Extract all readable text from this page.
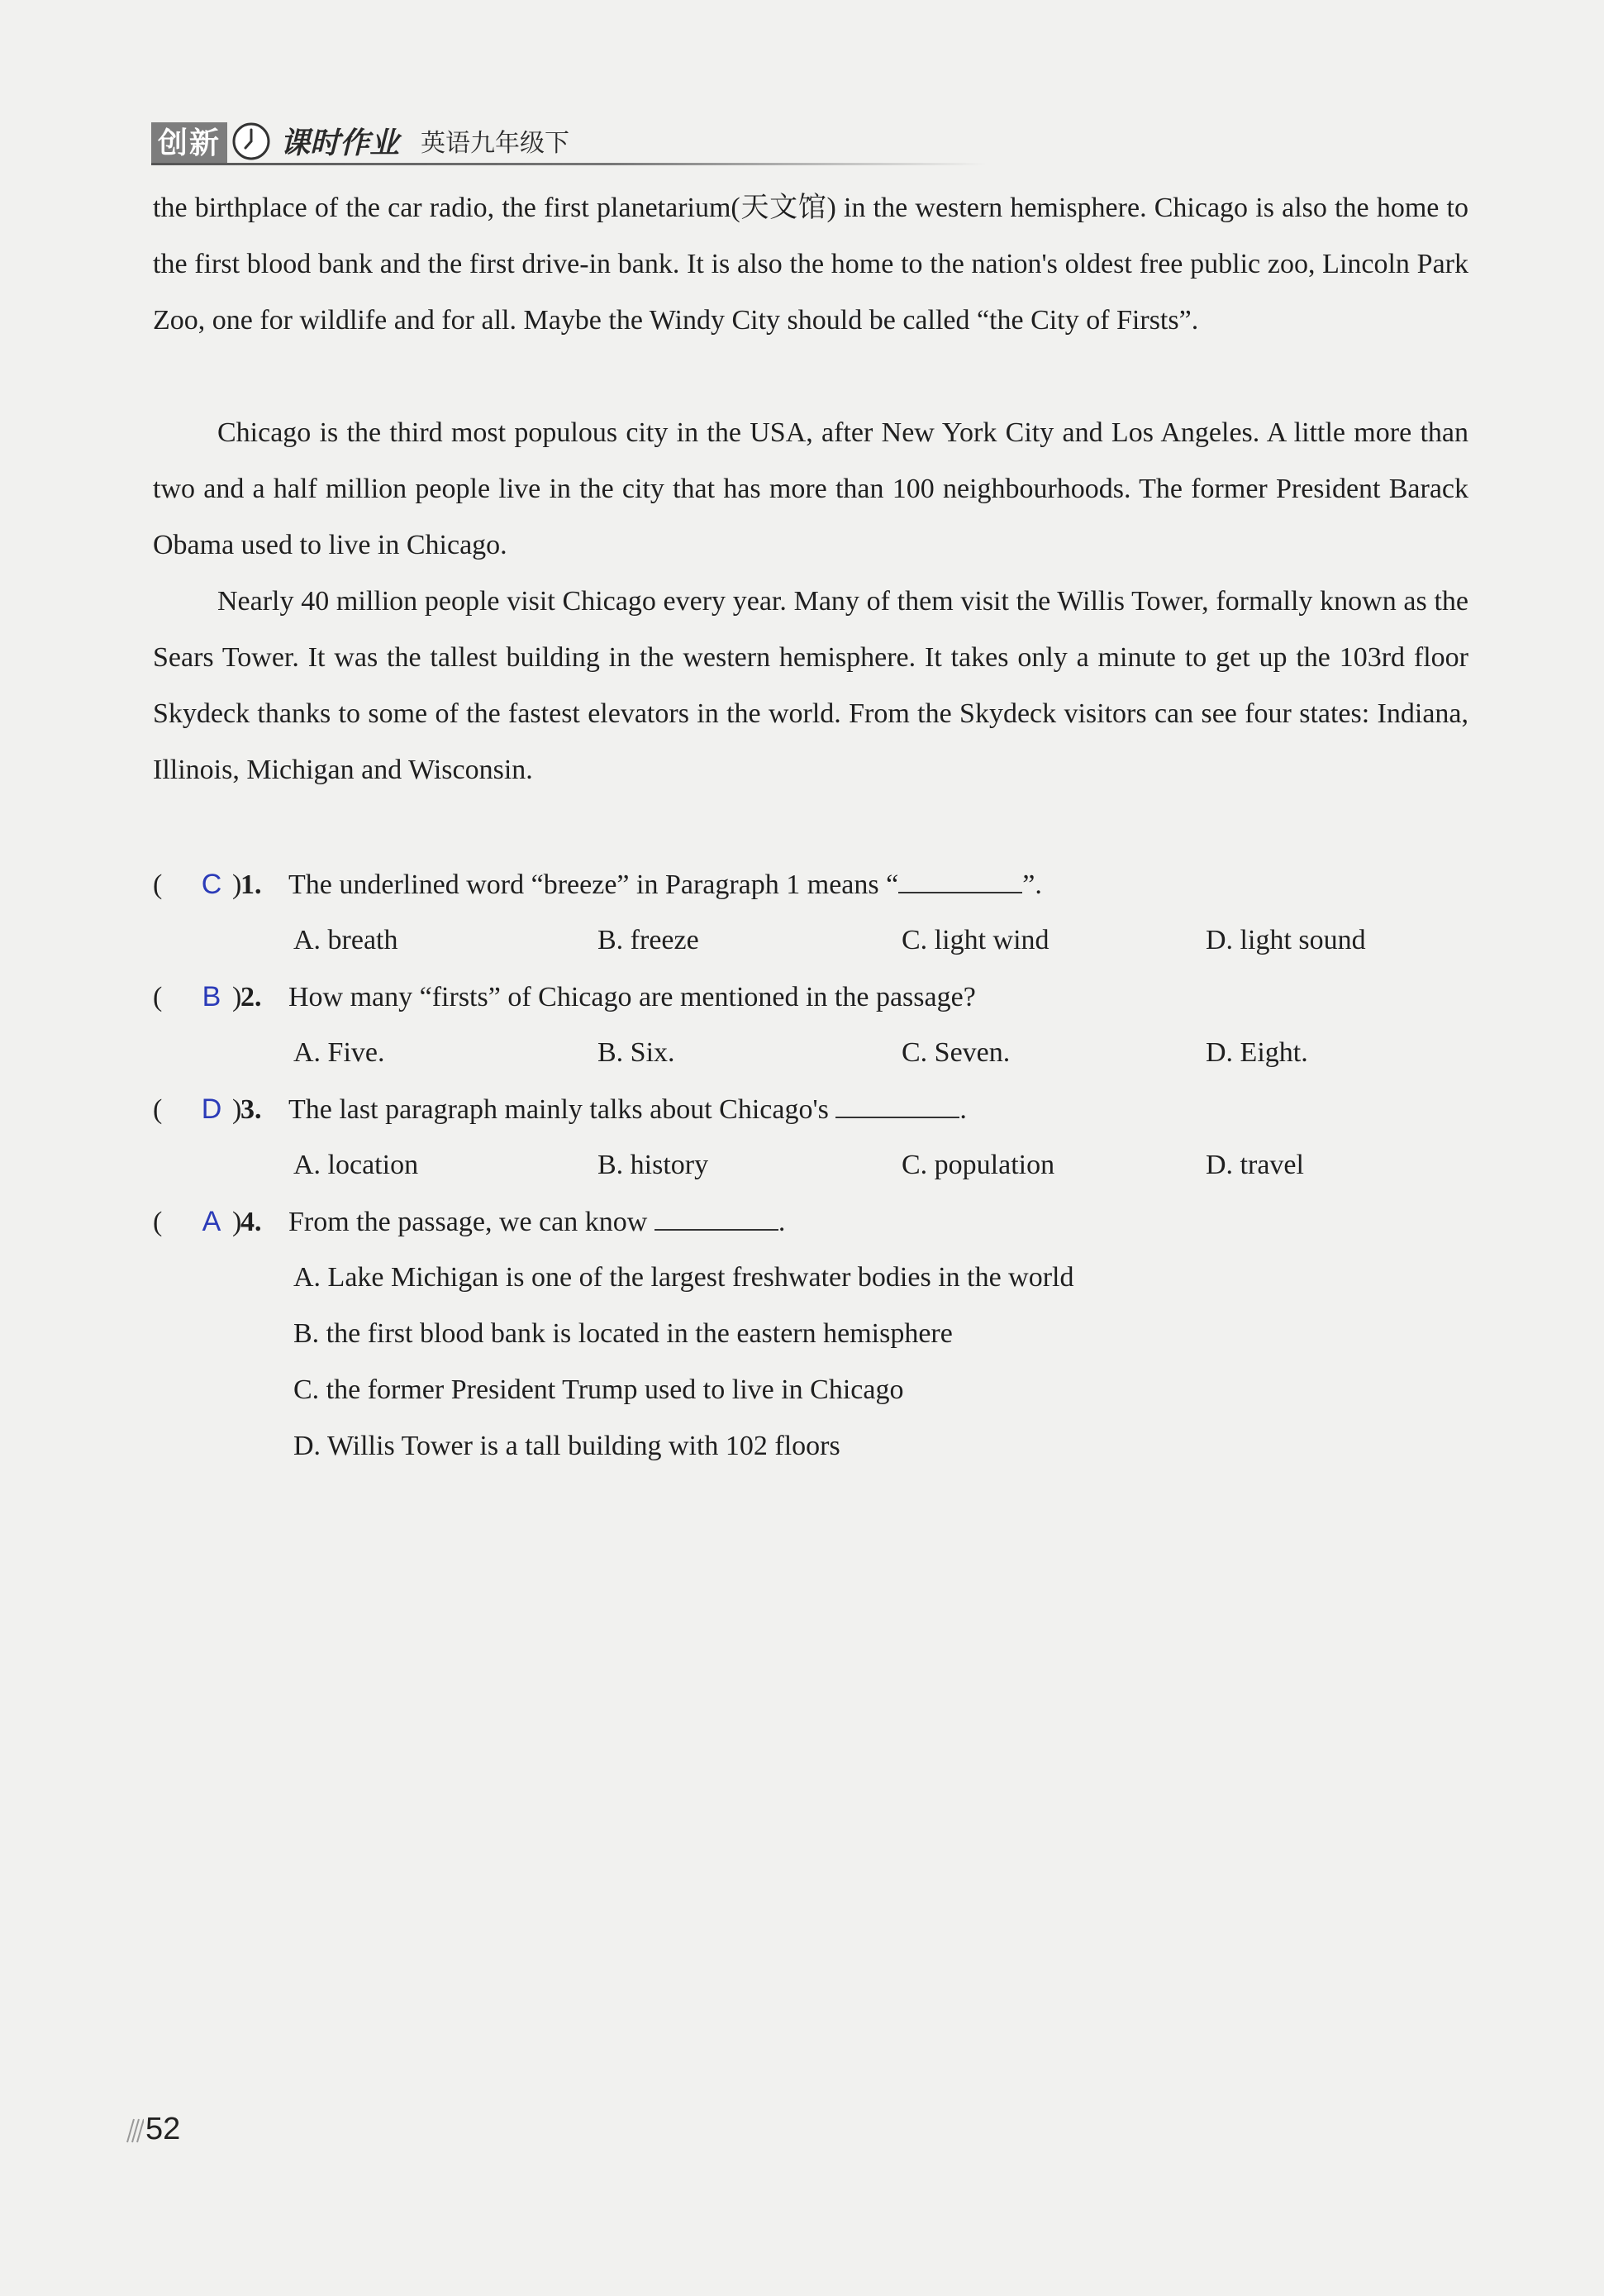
创新 课时作业 英语九年级下
the birthplace of the car radio, the first planetarium(天文馆) in the western hemisphere. Chicago is also the home to the first blood bank and the first drive-in bank. It is also the home to the nation's oldest free public zoo, Lincoln Park Zoo, one for wildlife and for all. Maybe the Windy City should be called “the City of Firsts”.
Chicago is the third most populous city in the USA, after New York City and Los Angeles. A little more than two and a half million people live in the city that has more than 100 neighbourhoods. The former President Barack Obama used to live in Chicago.
Nearly 40 million people visit Chicago every year. Many of them visit the Willis Tower, formally known as the Sears Tower. It was the tallest building in the western hemisphere. It takes only a minute to get up the 103rd floor Skydeck thanks to some of the fastest elevators in the world. From the Skydeck visitors can see four states: Indiana, Illinois, Michigan and Wisconsin.
( C )1. The underlined word “breeze” in Paragraph 1 means “	”.
A. breath	B. freeze	C. light wind	D. light sound
( B )2. How many “firsts” of Chicago are mentioned in the passage?
A. Five.	B. Six.	C. Seven.	D. Eight.
( D )3. The last paragraph mainly talks about Chicago's	.
A. location	B. history	C. population	D. travel
( A )4. From the passage, we can know	.
A. Lake Michigan is one of the largest freshwater bodies in the world
B. the first blood bank is located in the eastern hemisphere
C. the former President Trump used to live in Chicago
D. Willis Tower is a tall building with 102 floors
52
